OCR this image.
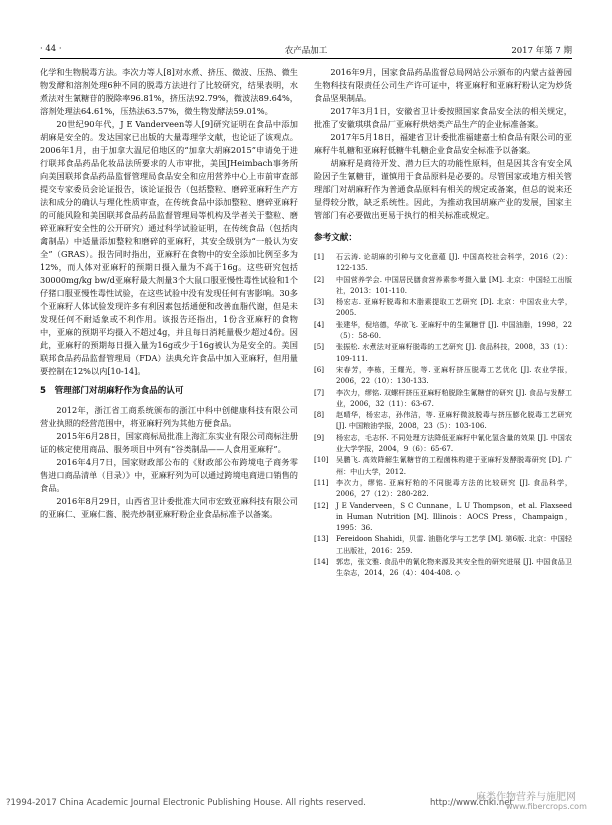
· 44 ·	农产品加工	2017 年第 7 期

化学和生物脱毒方法。李次力等人[8]对水煮、挤压、微波、压热、微生物发酵和溶剂处理6种不同的脱毒方法进行了比较研究，结果表明，水煮法对生氰糖苷的脱除率96.81%，挤压法92.79%，微波法89.64%，溶剂处理法64.61%，压热法63.57%，微生物发酵法59.01%。

20世纪90年代，J E Vanderveen等人[9]研究证明在食品中添加胡麻是安全的。发达国家已出版的大量毒理学文献，也论证了该观点。2006年1月，由于加拿大温尼伯地区的“加拿大胡麻2015”申请免于进行联邦食品药品化妆品法所要求的人市审批，美国JHeimbach事务所向美国联邦食品药品监督管理局食品安全和应用营养中心上市前审查部提交专家委员会论证报告，该论证报告（包括整粒、磨碎亚麻籽生产方法和成分的确认与理化性质审查，在传统食品中添加整粒、磨碎亚麻籽的可能风险和美国联邦食品药品监督管理局等机构及学者关于整粒、磨碎亚麻籽安全性的公开研究）通过科学试验证明，在传统食品（包括肉禽制品）中适量添加整粒和磨碎的亚麻籽，其安全级别为“一般认为安全”（GRAS）。报告同时指出，亚麻籽在食物中的安全添加比例至多为12%，而人体对亚麻籽的预期日摄入量为不高于16g。这些研究包括30000mg/kg bw/d亚麻籽最大剂量3个大鼠口服亚慢性毒性试验和1个仔猪口服亚慢性毒性试验，在这些试验中没有发现任何有害影响。30多个亚麻籽人体试验发现许多有利因素包括通便和改善血脂代谢，但是未发现任何不耐适象或不利作用。该报告还指出，1份含亚麻籽的食物中，亚麻的预期平均摄入不超过4g，并且每日消耗量极少超过4份。因此，亚麻籽的预期每日摄入量为16g或少于16g被认为是安全的。美国联邦食品药品监督管理局（FDA）法典允许食品中加入亚麻籽，但用量要控制在12%以内[10-14]。

5　管理部门对胡麻籽作为食品的认可

2012年，浙江省工商系统颁布的浙江中科中创健康科技有限公司营业执照的经营范围中，将亚麻籽列为其他方便食品。

2015年6月28日，国家商标局批准上海汇东实业有限公司商标注册证的核定使用商品、服务项目中列有“谷类制品——人食用亚麻籽”。

2016年4月7日，国家财政部公布的《财政部公布跨境电子商务零售进口商品清单（目录）》中，亚麻籽列为可以通过跨境电商进口销售的食品。

2016年8月29日，山西省卫计委批准大同市宏致亚麻科技有限公司的亚麻仁、亚麻仁酱、脱壳炒制亚麻籽粉企业食品标准予以备案。

2016年9月，国家食品药品监督总局网站公示颁布的内蒙古益善园生物科技有限责任公司生产许可证中，将亚麻籽和亚麻籽粉认定为炒货食品坚果制品。

2017年3月1日，安徽省卫计委按照国家食品安全法的相关规定，批准了安徽琪琪食品厂亚麻籽烘焙类产品生产的企业标准备案。

2017年5月18日，福建省卫计委批准福建嘉士柏食品有限公司的亚麻籽牛轧糖和亚麻籽低糖牛轧糖企业食品安全标准予以备案。

胡麻籽是商待开发、潜力巨大的功能性原料，但是因其含有安全风险因子生氰糖苷，谨慎用于食品原料是必要的。尽管国家或地方相关管理部门对胡麻籽作为普通食品原料有相关的规定或备案，但总的说来还显得较分散，缺乏系统性。因此，为推动我国胡麻产业的发展，国家主管部门有必要做出更易于执行的相关标准或规定。

参考文献：
[1]	石云涛. 论胡麻的引种与文化意蕴 [J]. 中国高校社会科学，2016（2）：122-135.
[2]	中国营养学会. 中国居民膳食营养素参考摄入量 [M]. 北京：中国轻工出版社，2013：101-110.
[3]	杨宏志. 亚麻籽脱毒和木脂素提取工艺研究 [D]. 北京：中国农业大学，2005.
[4]	张建华，倪培德，华欲飞. 亚麻籽中的生氰糖苷 [J]. 中国油脂，1998，22（5）：58-60.
[5]	张振松. 水煮法对亚麻籽脱毒的工艺研究 [J]. 食品科技，2008，33（1）：109-111.
[6]	宋春芳，李栋，王耀光，等. 亚麻籽挤压脱毒工艺优化 [J]. 农业学报，2006，22（10）：130-133.
[7]	李次力，缪铭. 双螺杆挤压亚麻籽粕脱除生氰糖苷的研究 [J]. 食品与发酵工业，2006，32（11）：63-67.
[8]	赵晴华，杨宏志，孙伟洁，等. 亚麻籽微波脱毒与挤压膨化脱毒工艺研究 [J]. 中国粮油学报，2008，23（5）：103-106.
[9]	杨宏志，毛志怀. 不同处理方法降低亚麻籽中氰化氢含量的效果 [J]. 中国农业大学学报，2004，9（6）：65-67.
[10]	吴鹏飞. 高效降解生氰糖苷的工程菌株构建于亚麻籽发酵脱毒研究 [D]. 广州：中山大学，2012.
[11]	李次力，缪铭. 亚麻籽粕的不同脱毒方法的比较研究 [J]. 食品科学，2006，27（12）：280-282.
[12]	J E Vanderveen，S C Cunnane，L U Thompson，et al. Flaxseed in Human Nutrition [M]. Illinois：AOCS Press，Champaign，1995：36.
[13]	Fereidoon Shahidi，贝雷. 油脂化学与工艺学 [M]. 第6版. 北京：中国轻工出版社，2016：259.
[14]	郭忠，张文雅. 食品中的氰化物来源及其安全性的研究进展 [J]. 中国食品卫生杂志，2014，26（4）：404-408. ◇
?1994-2017 China Academic Journal Electronic Publishing House. All rights reserved.	http://www.cnki.net
麻类作物营养与施肥网
www.fibercrops.com
